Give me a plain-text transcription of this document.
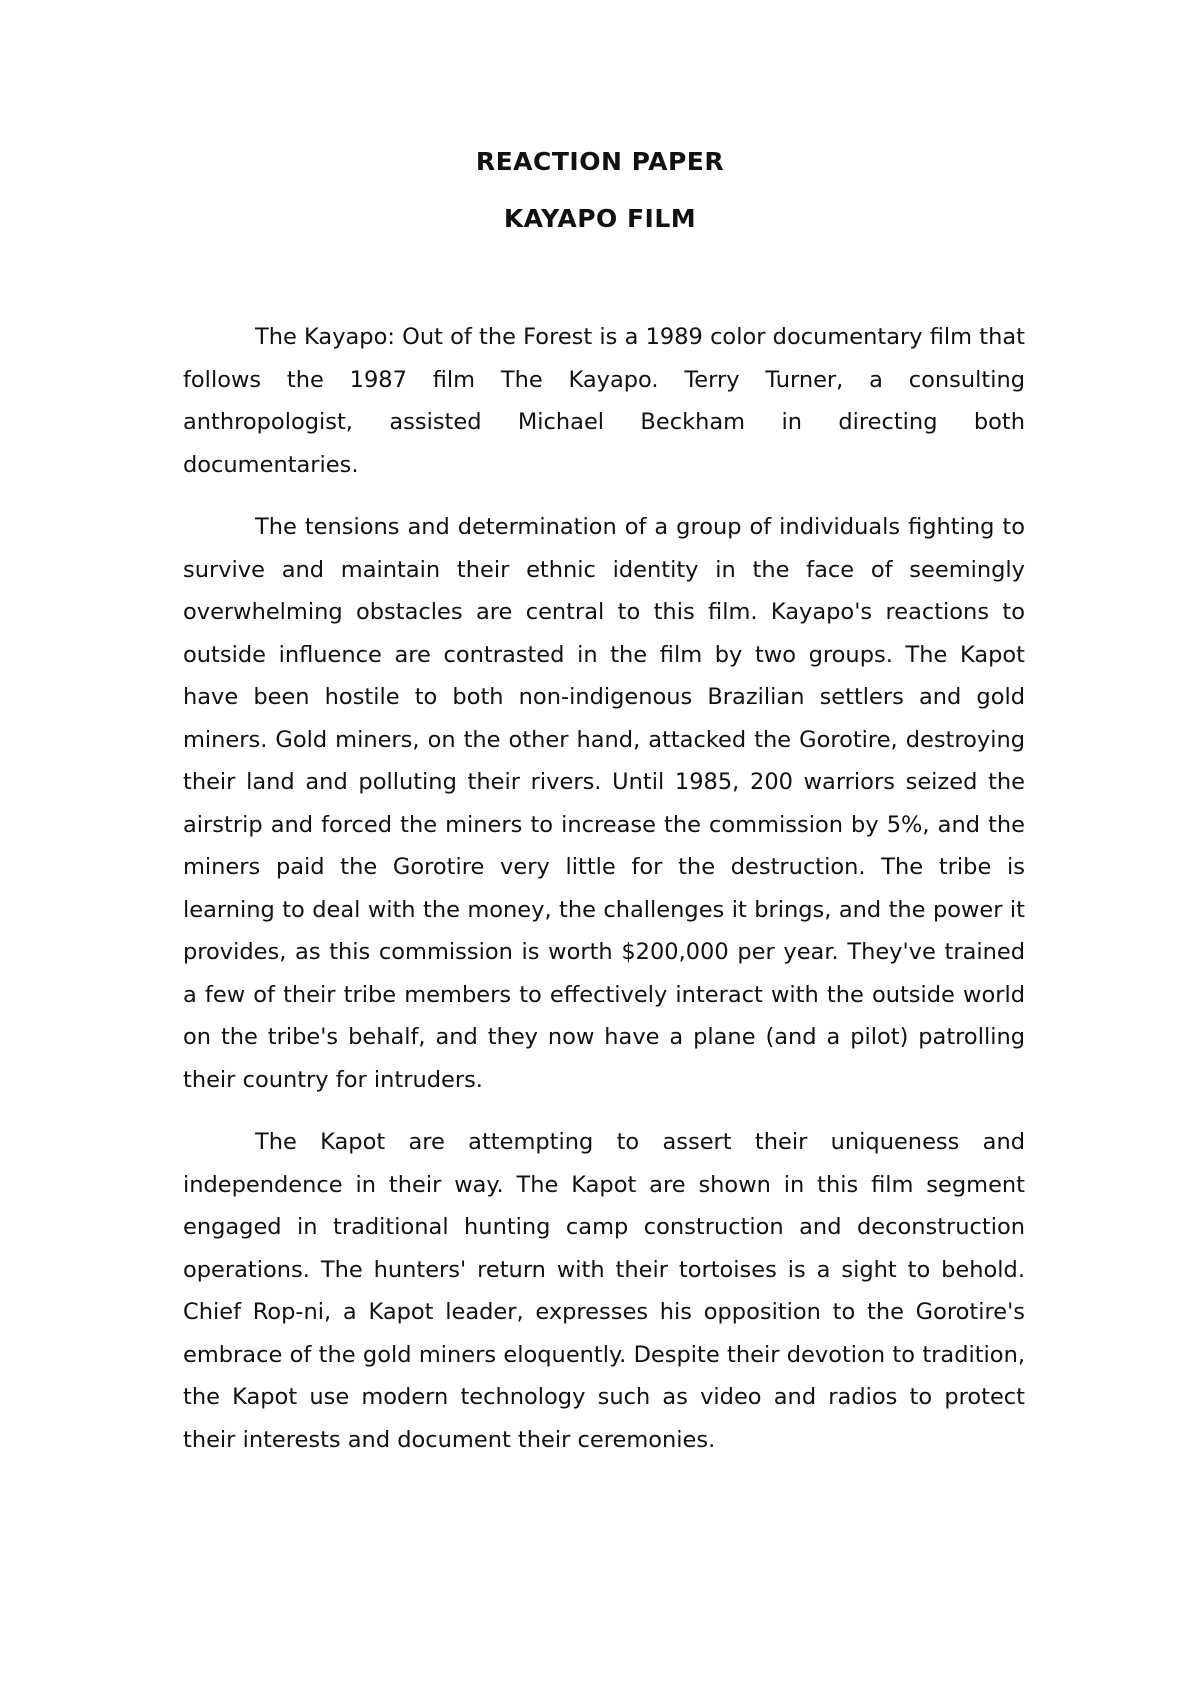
REACTION PAPER
KAYAPO FILM

The Kayapo: Out of the Forest is a 1989 color documentary film that follows the 1987 film The Kayapo. Terry Turner, a consulting anthropologist, assisted Michael Beckham in directing both documentaries.

The tensions and determination of a group of individuals fighting to survive and maintain their ethnic identity in the face of seemingly overwhelming obstacles are central to this film. Kayapo's reactions to outside influence are contrasted in the film by two groups. The Kapot have been hostile to both non-indigenous Brazilian settlers and gold miners. Gold miners, on the other hand, attacked the Gorotire, destroying their land and polluting their rivers. Until 1985, 200 warriors seized the airstrip and forced the miners to increase the commission by 5%, and the miners paid the Gorotire very little for the destruction. The tribe is learning to deal with the money, the challenges it brings, and the power it provides, as this commission is worth $200,000 per year. They've trained a few of their tribe members to effectively interact with the outside world on the tribe's behalf, and they now have a plane (and a pilot) patrolling their country for intruders.

The Kapot are attempting to assert their uniqueness and independence in their way. The Kapot are shown in this film segment engaged in traditional hunting camp construction and deconstruction operations. The hunters' return with their tortoises is a sight to behold. Chief Rop-ni, a Kapot leader, expresses his opposition to the Gorotire's embrace of the gold miners eloquently. Despite their devotion to tradition, the Kapot use modern technology such as video and radios to protect their interests and document their ceremonies.
